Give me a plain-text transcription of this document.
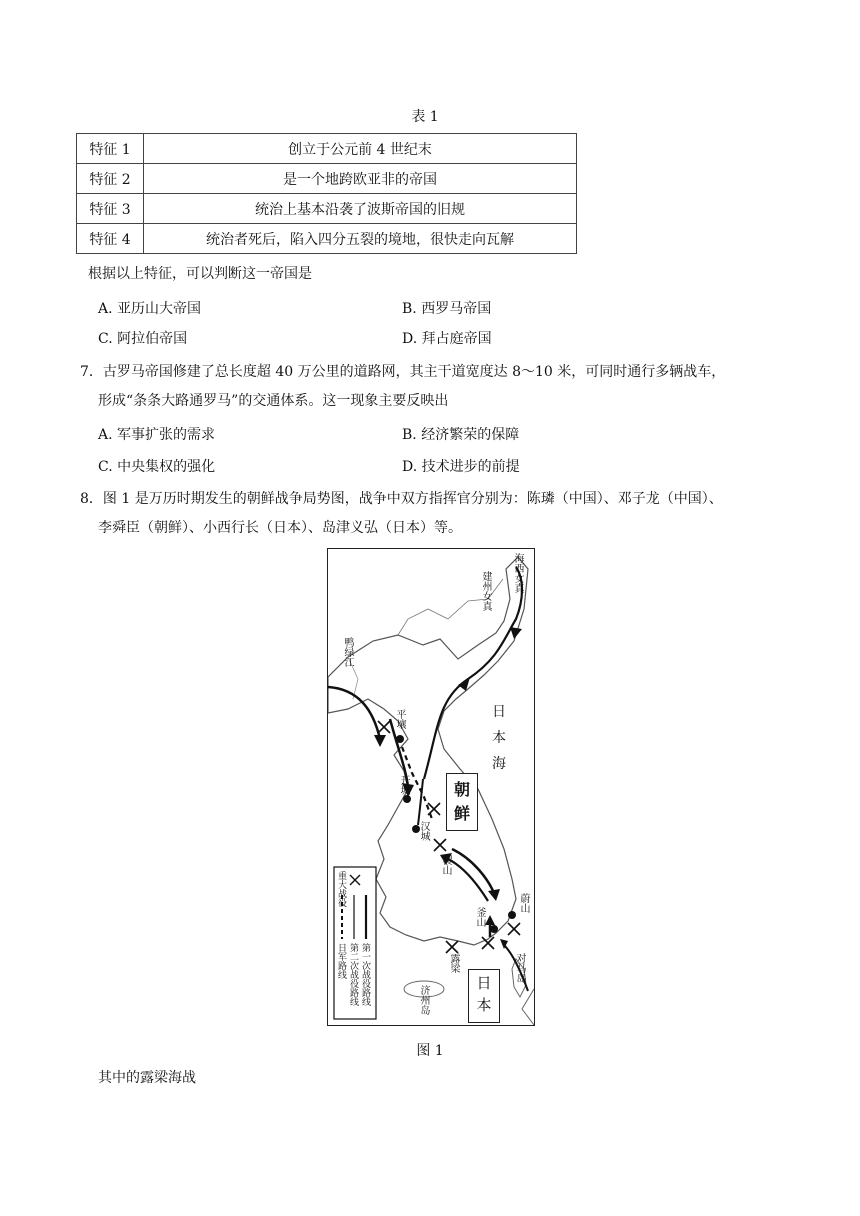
表 1
特征 1	创立于公元前 4 世纪末
特征 2	是一个地跨欧亚非的帝国
特征 3	统治上基本沿袭了波斯帝国的旧规
特征 4	统治者死后，陷入四分五裂的境地，很快走向瓦解
根据以上特征，可以判断这一帝国是
A. 亚历山大帝国	B. 西罗马帝国
C. 阿拉伯帝国	D. 拜占庭帝国
7．古罗马帝国修建了总长度超 40 万公里的道路网，其主干道宽度达 8～10 米，可同时通行多辆战车，
形成“条条大路通罗马”的交通体系。这一现象主要反映出
A. 军事扩张的需求	B. 经济繁荣的保障
C. 中央集权的强化	D. 技术进步的前提
8．图 1 是万历时期发生的朝鲜战争局势图，战争中双方指挥官分别为：陈璘（中国）、邓子龙（中国）、
李舜臣（朝鲜）、小西行长（日本）、岛津义弘（日本）等。
建州女真 海西女真
鸭绿江
平壤	日本海
开城
汉城
朝鲜
稷山
蔚山
釜山
露梁	对马岛
济州岛
日本
重大战役
日军路线 第二次战役路线 第一次战役路线
图 1
其中的露梁海战
